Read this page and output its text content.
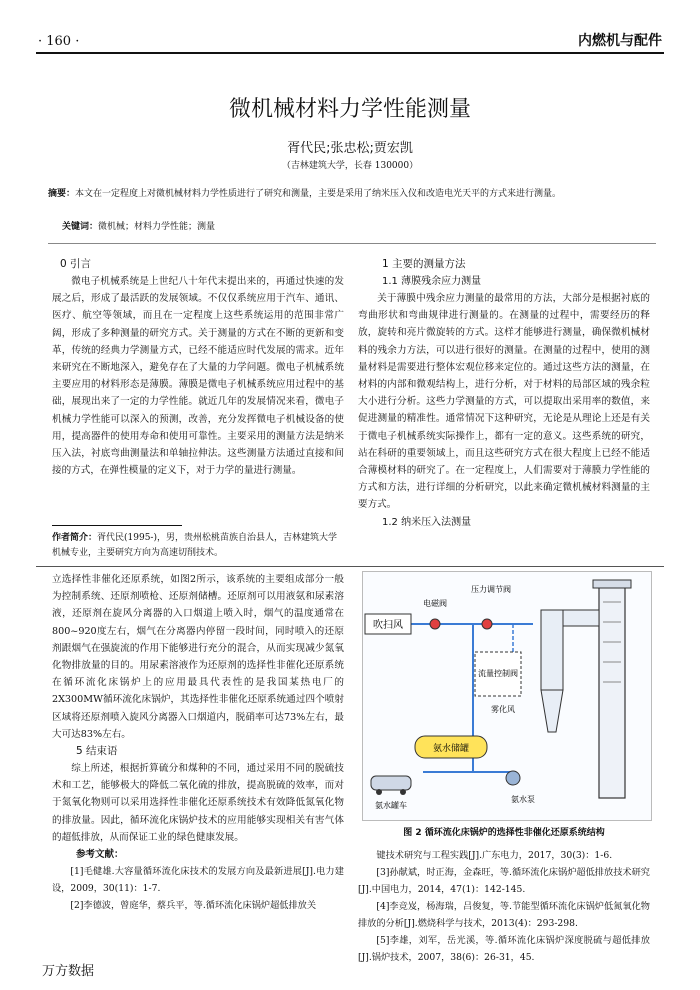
· 160 ·	内燃机与配件
微机械材料力学性能测量
胥代民;张忠松;贾宏凯
（吉林建筑大学，长春 130000）
摘要：本文在一定程度上对微机械材料力学性质进行了研究和测量，主要是采用了纳米压入仪和改造电光天平的方式来进行测量。
关键词：微机械；材料力学性能；测量
0 引言

微电子机械系统是上世纪八十年代末提出来的，再通过快速的发展之后，形成了最活跃的发展领域。不仅仅系统应用于汽车、通讯、医疗、航空等领域，而且在一定程度上这些系统运用的范围非常广阔，形成了多种测量的研究方式。关于测量的方式在不断的更新和变革，传统的经典力学测量方式，已经不能适应时代发展的需求。近年来研究在不断地深入，避免存在了大量的力学问题。微电子机械系统主要应用的材料形态是薄膜。薄膜是微电子机械系统应用过程中的基础，展现出来了一定的力学性能。就近几年的发展情况来看，微电子机械力学性能可以深入的预测，改善，充分发挥微电子机械设备的使用，提高器件的使用寿命和使用可靠性。主要采用的测量方法是纳米压入法，衬底弯曲测量法和单轴拉伸法。这些测量方法通过直接和间接的方式，在弹性模量的定义下，对于力学的量进行测量。

作者简介：胥代民(1995-)，男，贵州松桃苗族自治县人，吉林建筑大学机械专业，主要研究方向为高速切削技术。
1 主要的测量方法
1.1 薄膜残余应力测量

关于薄膜中残余应力测量的最常用的方法，大部分是根据衬底的弯曲形状和弯曲规律进行测量的。在测量的过程中，需要经历的释放，旋转和亮片微旋转的方式。这样才能够进行测量，确保微机械材料的残余力方法，可以进行很好的测量。在测量的过程中，使用的测量材料是需要进行整体宏观位移来定位的。通过这些方法的测量，在材料的内部和微观结构上，进行分析，对于材料的局部区域的残余粒大小进行分析。这些力学测量的方式，可以提取出采用率的数值，来促进测量的精准性。通常情况下这种研究，无论是从理论上还是有关于微电子机械系统实际操作上，都有一定的意义。这些系统的研究，站在科研的重要领域上，而且这些研究方式在很大程度上已经不能适合薄模材料的研究了。在一定程度上，人们需要对于薄膜力学性能的方式和方法，进行详细的分析研究，以此来确定微机械材料测量的主要方式。

1.2 纳米压入法测量

立选择性非催化还原系统，如图2所示，该系统的主要组成部分一般为控制系统、还原剂喷枪、还原剂储槽。还原剂可以用液氨和尿素溶液，还原剂在旋风分离器的入口烟道上喷入时，烟气的温度通常在800~920度左右，烟气在分离器内停留一段时间，同时喷入的还原剂跟烟气在强旋流的作用下能够进行充分的混合，从而实现减少氮氧化物排放量的目的。用尿素溶液作为还原剂的选择性非催化还原系统在循环流化床锅炉上的应用最具代表性的是我国某热电厂的2X300MW循环流化床锅炉，其选择性非催化还原系统通过四个喷射区域将还原剂喷入旋风分离器入口烟道内，脱硝率可达73%左右，最大可达83%左右。

5 结束语

综上所述，根据折算硫分和煤种的不同，通过采用不同的脱硫技术和工艺，能够极大的降低二氧化硫的排放，提高脱硫的效率，而对于氮氧化物则可以采用选择性非催化还原系统技术有效降低氮氧化物的排放量。因此，循环流化床锅炉技术的应用能够实现相关有害气体的超低排放，从而保证工业的绿色健康发展。

参考文献：

[1]毛健雄.大容量循环流化床技术的发展方向及最新进展[J].电力建设，2009，30(11)：1-7.

[2]李德波，曾庭华，蔡兵平，等.循环流化床锅炉超低排放关

吹扫风
电磁阀
压力调节阀
流量控制阀
雾化风
氨水储罐
氨水罐车
氨水泵
图 2 循环流化床锅炉的选择性非催化还原系统结构

键技术研究与工程实践[J].广东电力，2017，30(3)：1-6.

[3]孙献斌，时正海，金森旺，等.循环流化床锅炉超低排放技术研究[J].中国电力，2014，47(1)：142-145.

[4]李竞岌，杨海瑞，吕俊复，等.节能型循环流化床锅炉低氮氧化物排放的分析[J].燃烧科学与技术，2013(4)：293-298.

[5]李雄，刘军，岳光溪，等.循环流化床锅炉深度脱硫与超低排放[J].锅炉技术，2007，38(6)：26-31，45.

万方数据
